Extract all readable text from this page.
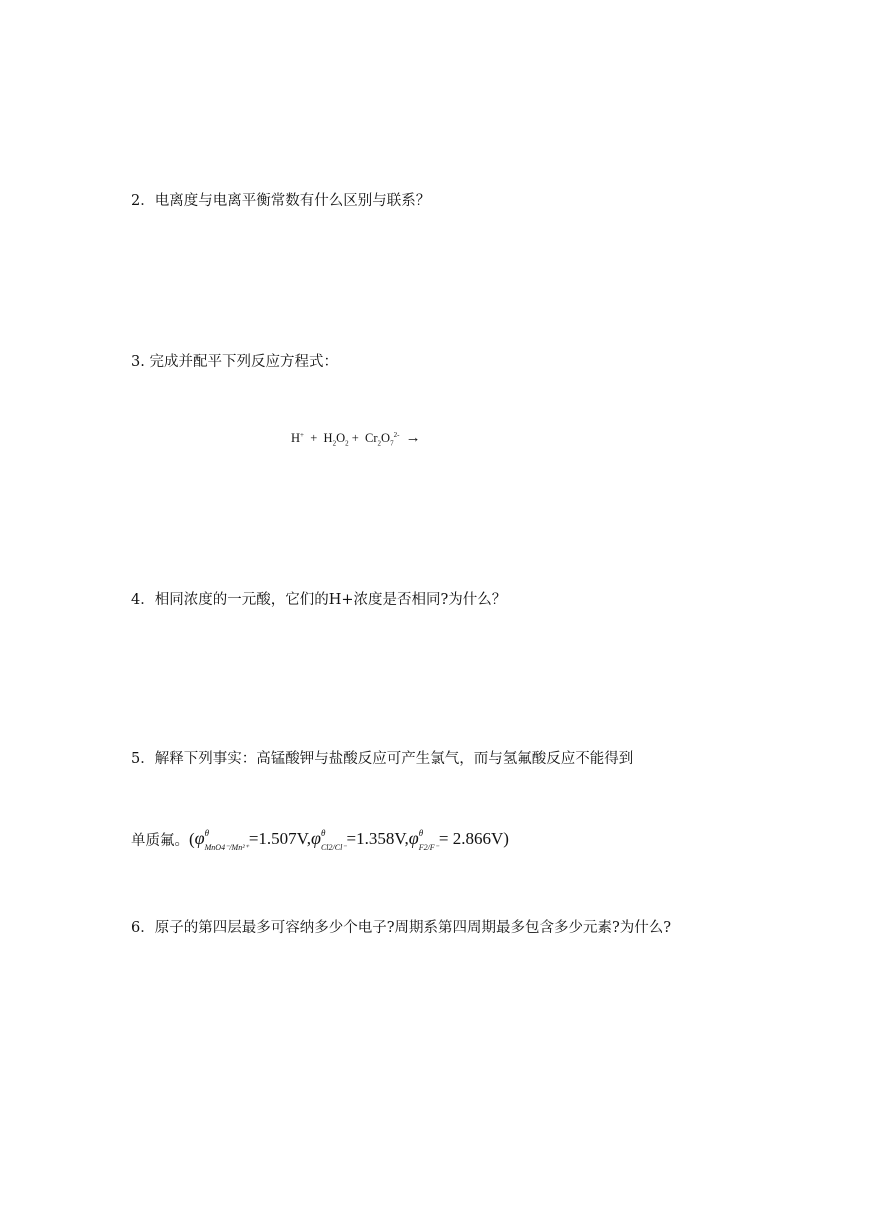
2．电离度与电离平衡常数有什么区别与联系？
3. 完成并配平下列反应方程式：
$H^+ + H_2O_2 + Cr_2O_7^{2-}$ →
4．相同浓度的一元酸，它们的H+浓度是否相同?为什么？
5．解释下列事实：高锰酸钾与盐酸反应可产生氯气，而与氢氟酸反应不能得到
单质氟。(φ θ
MnO4⁻/Mn²⁺ =1.507V,φ θ
Cl2/Cl⁻ =1.358V,φ θ
F2/F⁻ = 2.866V)
6．原子的第四层最多可容纳多少个电子?周期系第四周期最多包含多少元素?为什么?
